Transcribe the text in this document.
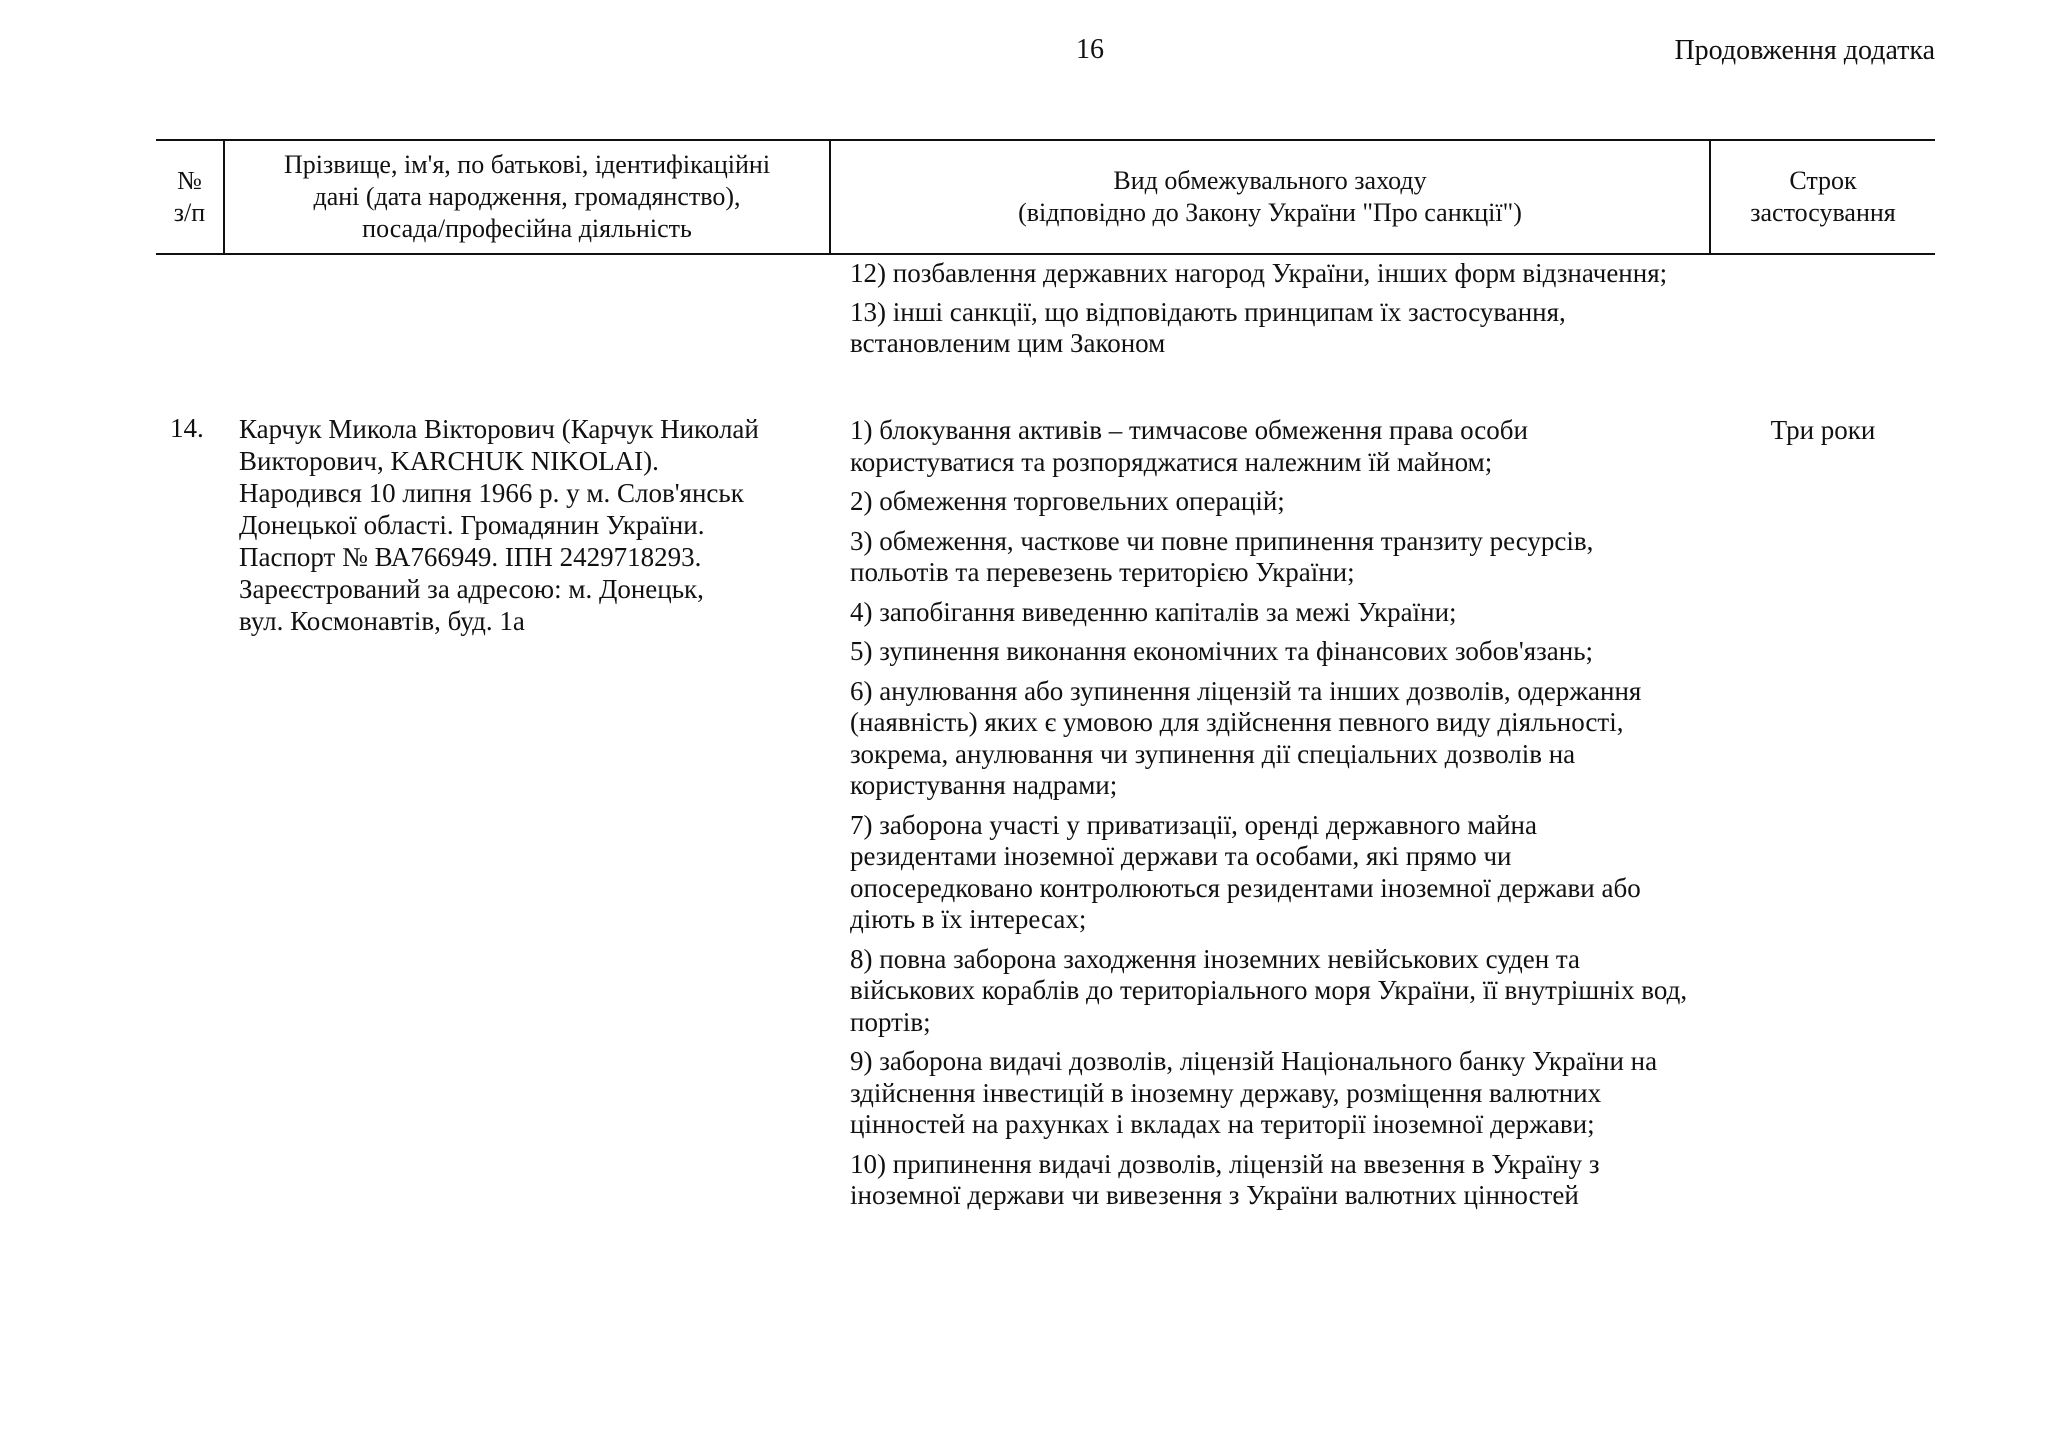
16	Продовження додатка
№
з/п
Прізвище, ім'я, по батькові, ідентифікаційні
дані (дата народження, громадянство),
посада/професійна діяльність
Вид обмежувального заходу
(відповідно до Закону України "Про санкції")
Строк
застосування

12) позбавлення державних нагород України, інших форм відзначення;

13) інші санкції, що відповідають принципам їх застосування, встановленим цим Законом

14. Карчук Микола Вікторович (Карчук Николай
Викторович, KARCHUK NIKOLAI).
Народився 10 липня 1966 р. у м. Слов'янськ
Донецької області. Громадянин України.
Паспорт № ВА766949. ІПН 2429718293.
Зареєстрований за адресою: м. Донецьк,
вул. Космонавтів, буд. 1а

1) блокування активів – тимчасове обмеження права особи користуватися та розпоряджатися належним їй майном;

2) обмеження торговельних операцій;

3) обмеження, часткове чи повне припинення транзиту ресурсів, польотів та перевезень територією України;

4) запобігання виведенню капіталів за межі України;

5) зупинення виконання економічних та фінансових зобов'язань;

6) анулювання або зупинення ліцензій та інших дозволів, одержання (наявність) яких є умовою для здійснення певного виду діяльності, зокрема, анулювання чи зупинення дії спеціальних дозволів на користування надрами;

7) заборона участі у приватизації, оренді державного майна резидентами іноземної держави та особами, які прямо чи опосередковано контролюються резидентами іноземної держави або діють в їх інтересах;

8) повна заборона заходження іноземних невійськових суден та військових кораблів до територіального моря України, її внутрішніх вод, портів;

9) заборона видачі дозволів, ліцензій Національного банку України на здійснення інвестицій в іноземну державу, розміщення валютних цінностей на рахунках і вкладах на території іноземної держави;

10) припинення видачі дозволів, ліцензій на ввезення в Україну з іноземної держави чи вивезення з України валютних цінностей

Три роки
